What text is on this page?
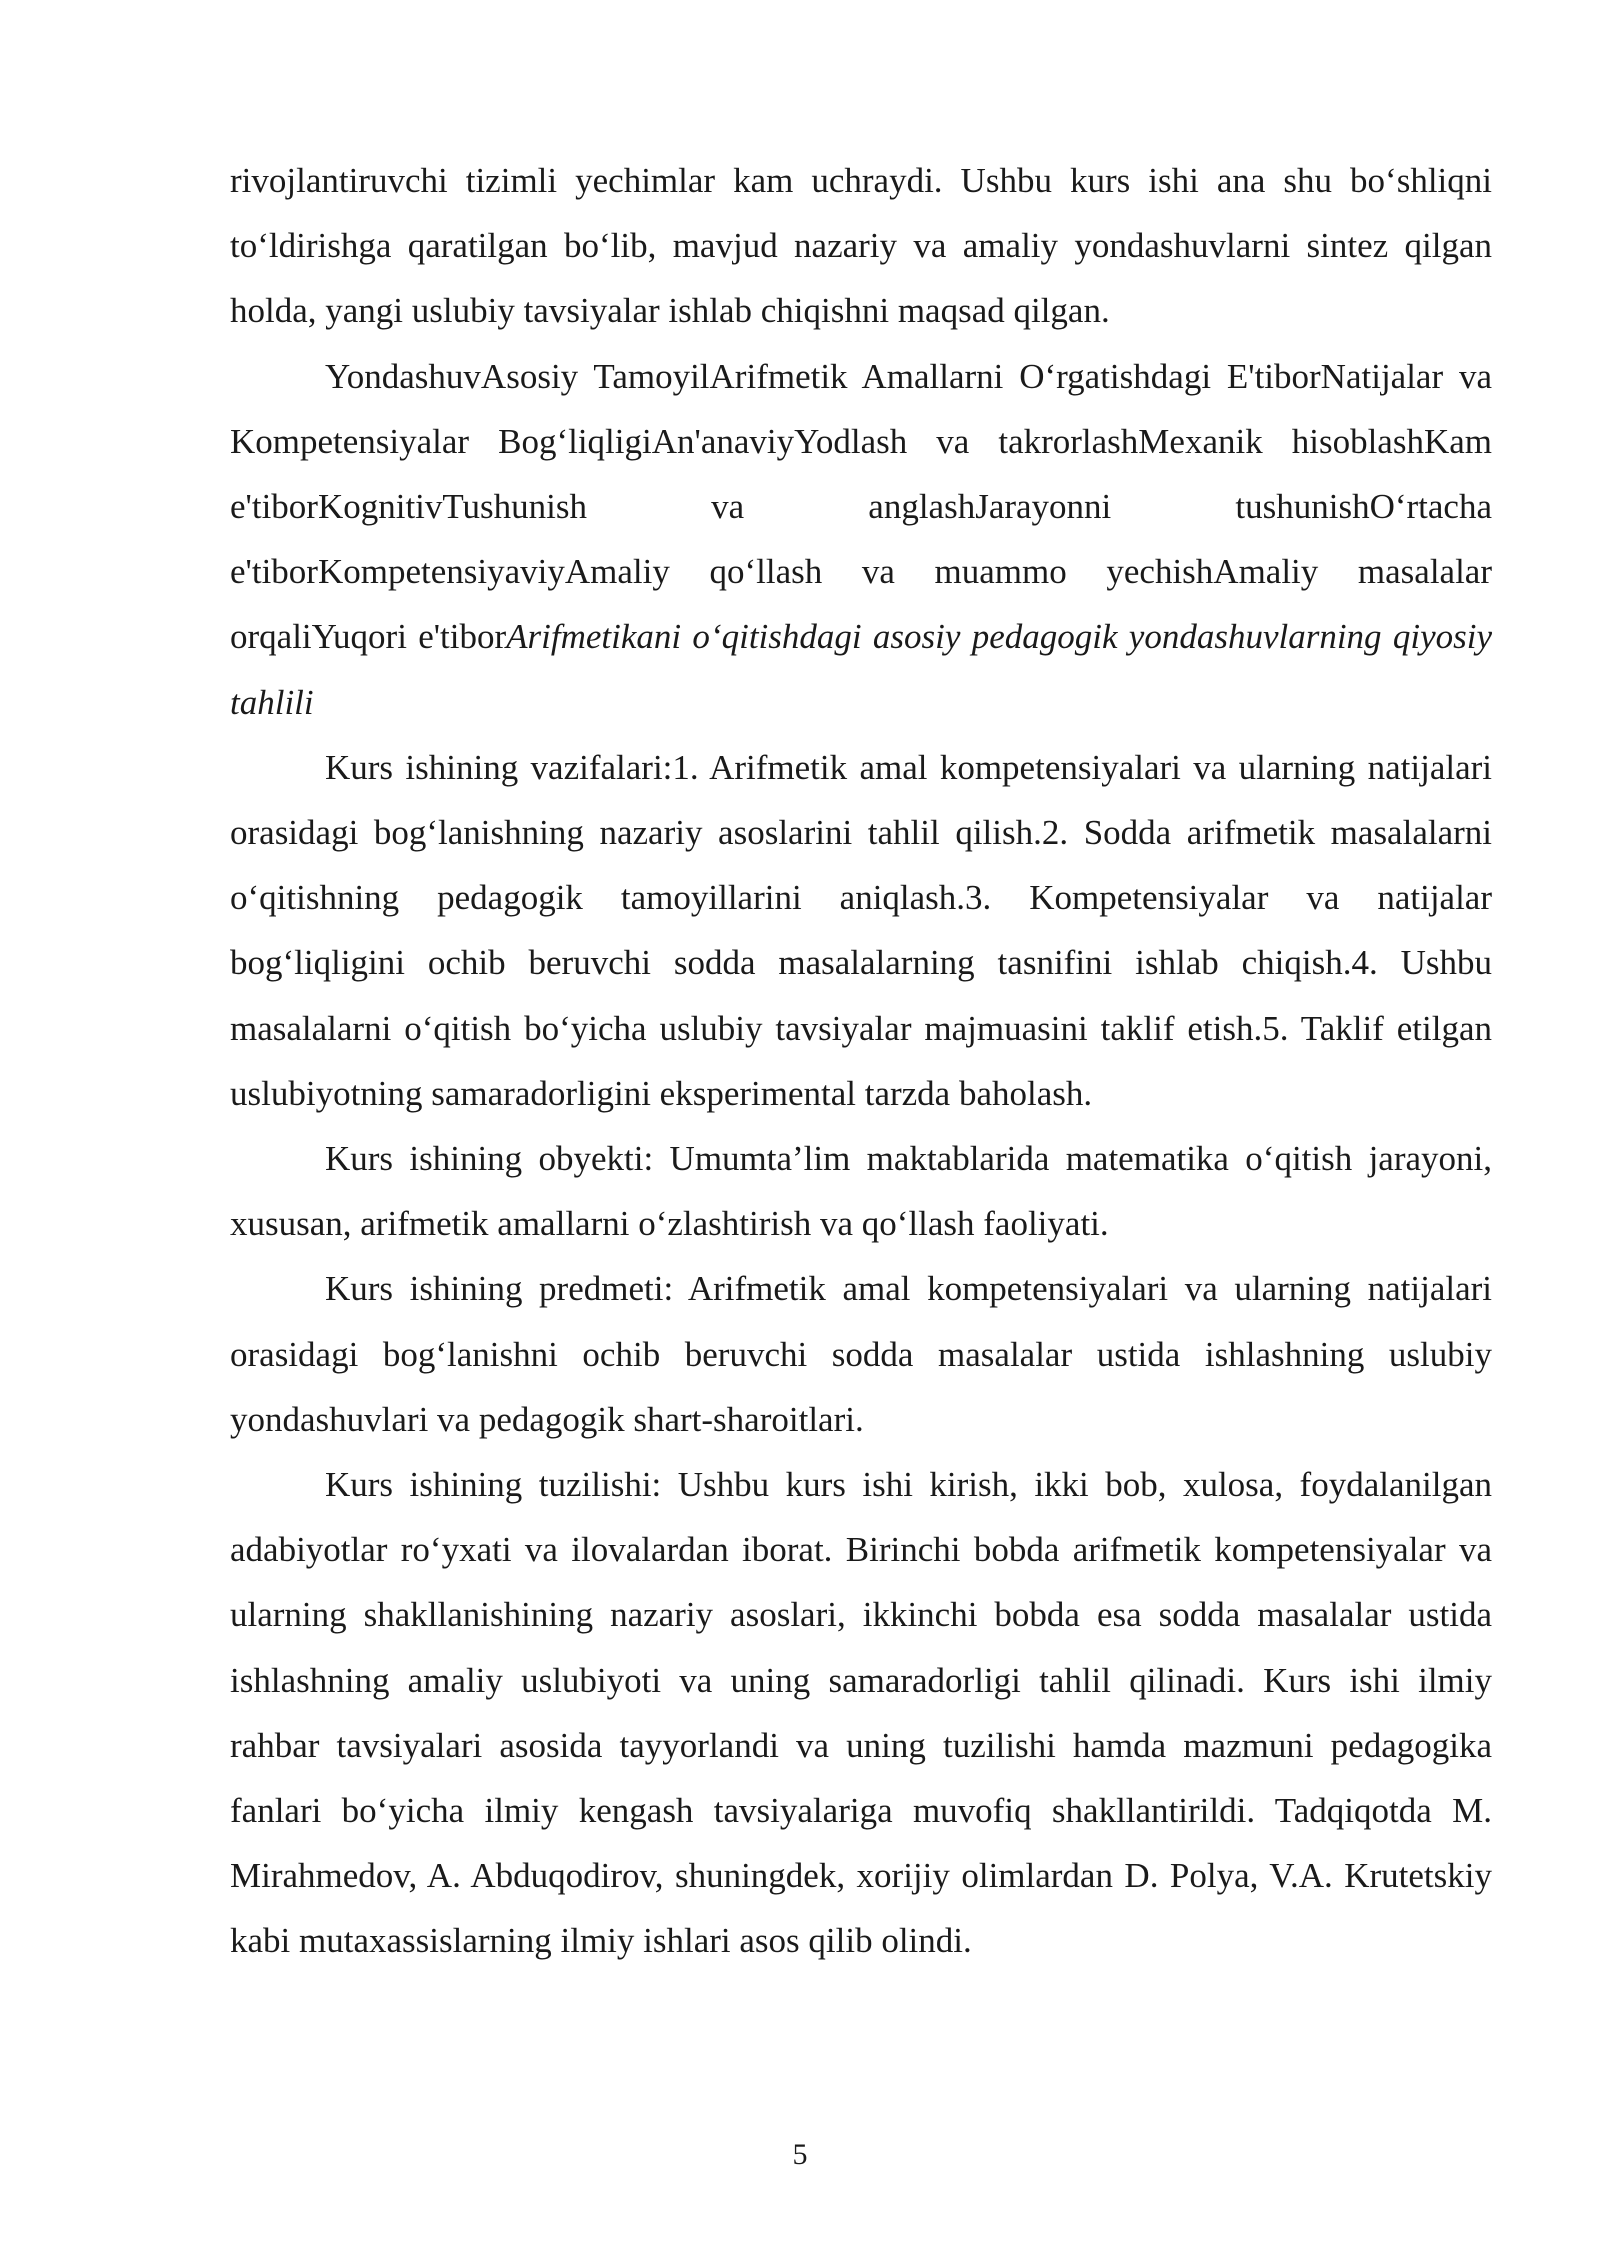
rivojlantiruvchi tizimli yechimlar kam uchraydi. Ushbu kurs ishi ana shu bo‘shliqni to‘ldirishga qaratilgan bo‘lib, mavjud nazariy va amaliy yondashuvlarni sintez qilgan holda, yangi uslubiy tavsiyalar ishlab chiqishni maqsad qilgan.

YondashuvAsosiy TamoyilArifmetik Amallarni O‘rgatishdagi E'tiborNatijalar va Kompetensiyalar Bog‘liqligiAn'anaviyYodlash va takrorlashMexanik hisoblashKam e'tiborKognitivTushunish va anglashJarayonni tushunishO‘rtacha e'tiborKompetensiyaviyAmaliy qo‘llash va muammo yechishAmaliy masalalar orqaliYuqori e'tiborArifmetikani o‘qitishdagi asosiy pedagogik yondashuvlarning qiyosiy tahlili

Kurs ishining vazifalari:1. Arifmetik amal kompetensiyalari va ularning natijalari orasidagi bog‘lanishning nazariy asoslarini tahlil qilish.2. Sodda arifmetik masalalarni o‘qitishning pedagogik tamoyillarini aniqlash.3. Kompetensiyalar va natijalar bog‘liqligini ochib beruvchi sodda masalalarning tasnifini ishlab chiqish.4. Ushbu masalalarni o‘qitish bo‘yicha uslubiy tavsiyalar majmuasini taklif etish.5. Taklif etilgan uslubiyotning samaradorligini eksperimental tarzda baholash.

Kurs ishining obyekti: Umumta’lim maktablarida matematika o‘qitish jarayoni, xususan, arifmetik amallarni o‘zlashtirish va qo‘llash faoliyati.

Kurs ishining predmeti: Arifmetik amal kompetensiyalari va ularning natijalari orasidagi bog‘lanishni ochib beruvchi sodda masalalar ustida ishlashning uslubiy yondashuvlari va pedagogik shart-sharoitlari.

Kurs ishining tuzilishi: Ushbu kurs ishi kirish, ikki bob, xulosa, foydalanilgan adabiyotlar ro‘yxati va ilovalardan iborat. Birinchi bobda arifmetik kompetensiyalar va ularning shakllanishining nazariy asoslari, ikkinchi bobda esa sodda masalalar ustida ishlashning amaliy uslubiyoti va uning samaradorligi tahlil qilinadi. Kurs ishi ilmiy rahbar tavsiyalari asosida tayyorlandi va uning tuzilishi hamda mazmuni pedagogika fanlari bo‘yicha ilmiy kengash tavsiyalariga muvofiq shakllantirildi. Tadqiqotda M. Mirahmedov, A. Abduqodirov, shuningdek, xorijiy olimlardan D. Polya, V.A. Krutetskiy kabi mutaxassislarning ilmiy ishlari asos qilib olindi.

5
